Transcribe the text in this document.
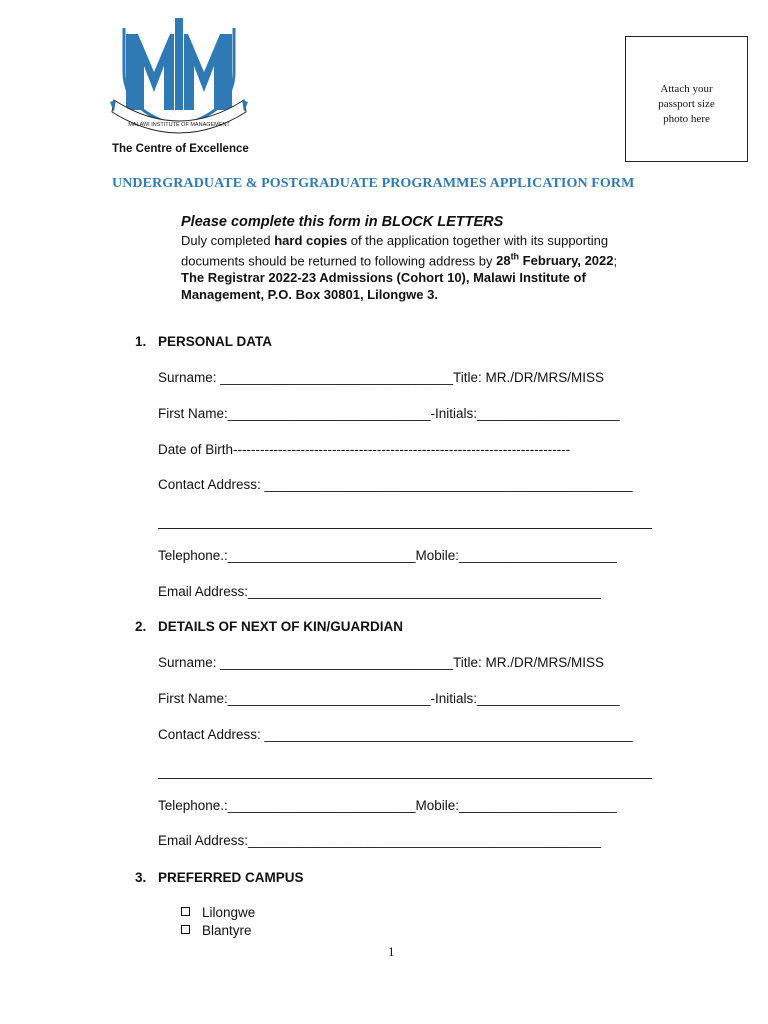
MALAWI INSTITUTE OF MANAGEMENT
The Centre of Excellence
Attach your
passport size
photo here
UNDERGRADUATE & POSTGRADUATE PROGRAMMES APPLICATION FORM
Please complete this form in BLOCK LETTERS
Duly completed hard copies of the application together with its supporting documents should be returned to following address by 28th February, 2022;
The Registrar 2022-23 Admissions (Cohort 10), Malawi Institute of Management, P.O. Box 30801, Lilongwe 3.
1. PERSONAL DATA
Surname: _______________________________Title: MR./DR/MRS/MISS
First Name:___________________________-Initials:___________________
Date of Birth---------------------------------------------------------------------------
Contact Address: _________________________________________________
Telephone.:_________________________Mobile:_____________________
Email Address:_______________________________________________
2. DETAILS OF NEXT OF KIN/GUARDIAN
Surname: _______________________________Title: MR./DR/MRS/MISS
First Name:___________________________-Initials:___________________
Contact Address: _________________________________________________
Telephone.:_________________________Mobile:_____________________
Email Address:_______________________________________________
3. PREFERRED CAMPUS
Lilongwe
Blantyre
1
